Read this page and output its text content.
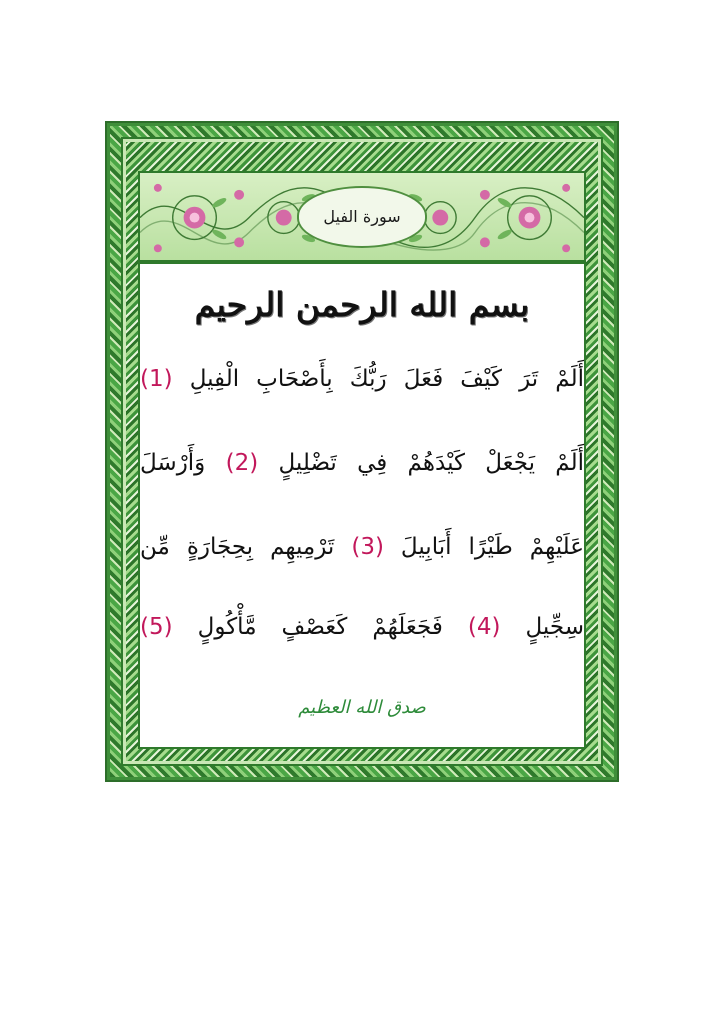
سورة الفيل
بسم الله الرحمن الرحيم
أَلَمْ تَرَ كَيْفَ فَعَلَ رَبُّكَ بِأَصْحَابِ الْفِيلِ (1)
أَلَمْ يَجْعَلْ كَيْدَهُمْ فِي تَضْلِيلٍ (2) وَأَرْسَلَ
عَلَيْهِمْ طَيْرًا أَبَابِيلَ (3) تَرْمِيهِم بِحِجَارَةٍ مِّن
سِجِّيلٍ (4) فَجَعَلَهُمْ كَعَصْفٍ مَّأْكُولٍ (5)
صدق الله العظيم
